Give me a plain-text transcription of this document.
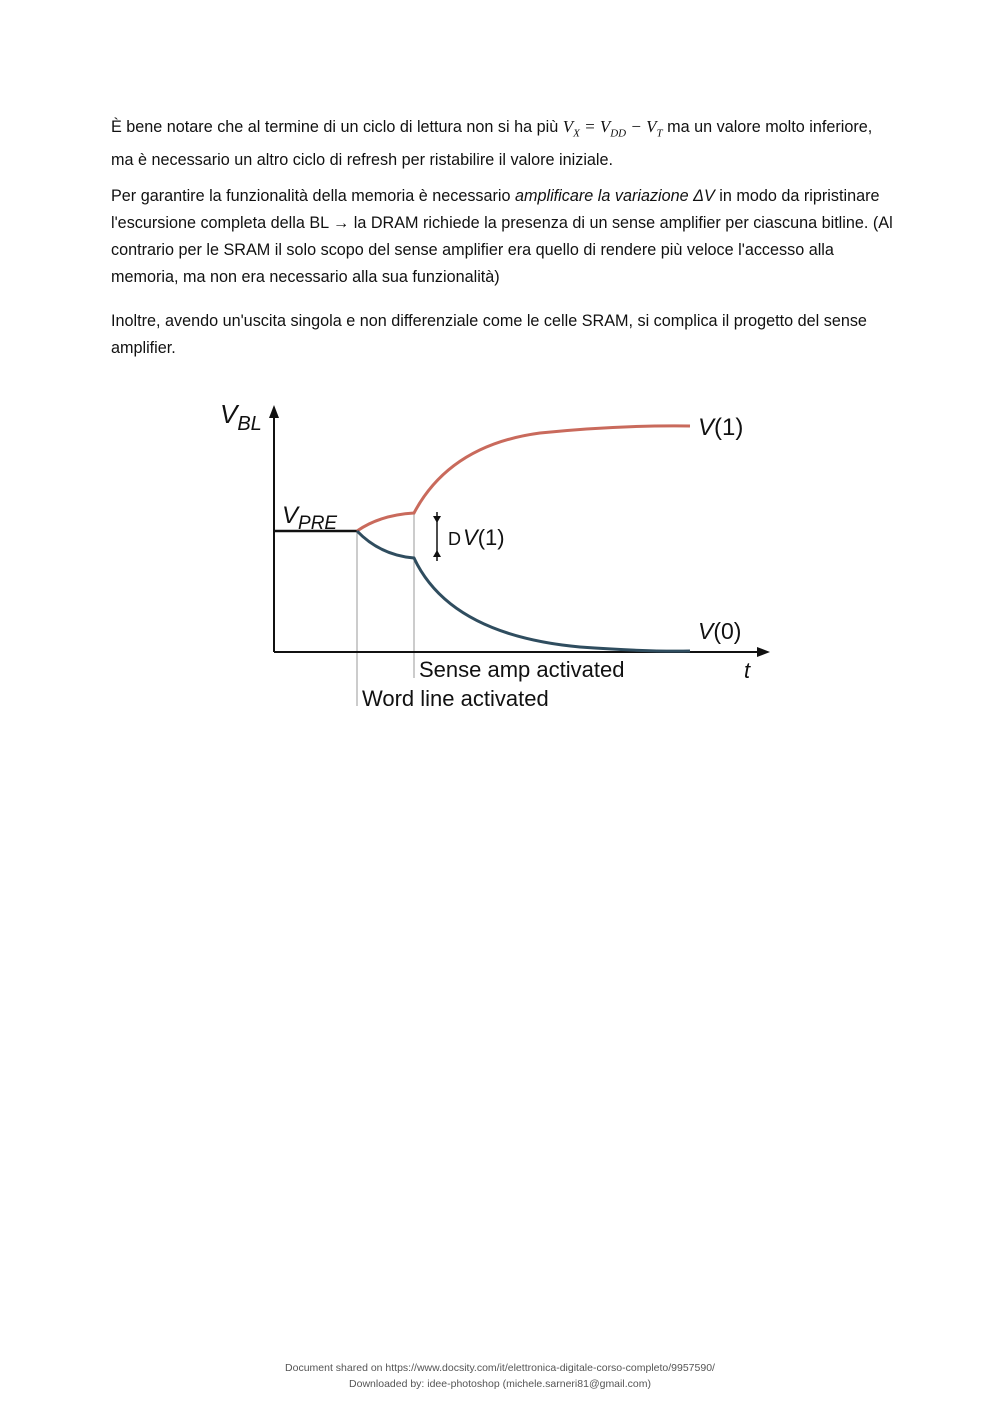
È bene notare che al termine di un ciclo di lettura non si ha più $V_X = V_{DD} - V_T$ ma un valore molto inferiore, ma è necessario un altro ciclo di refresh per ristabilire il valore iniziale.

Per garantire la funzionalità della memoria è necessario amplificare la variazione ΔV in modo da ripristinare l'escursione completa della BL → la DRAM richiede la presenza di un sense amplifier per ciascuna bitline. (Al contrario per le SRAM il solo scopo del sense amplifier era quello di rendere più veloce l'accesso alla memoria, ma non era necessario alla sua funzionalità)

Inoltre, avendo un'uscita singola e non differenziale come le celle SRAM, si complica il progetto del sense amplifier.

$V_{BL}$
$V_{PRE}$
V(1)
V(0)
DV(1)
t
Sense amp activated
Word line activated
Document shared on https://www.docsity.com/it/elettronica-digitale-corso-completo/9957590/
Downloaded by: idee-photoshop (michele.sarneri81@gmail.com)
